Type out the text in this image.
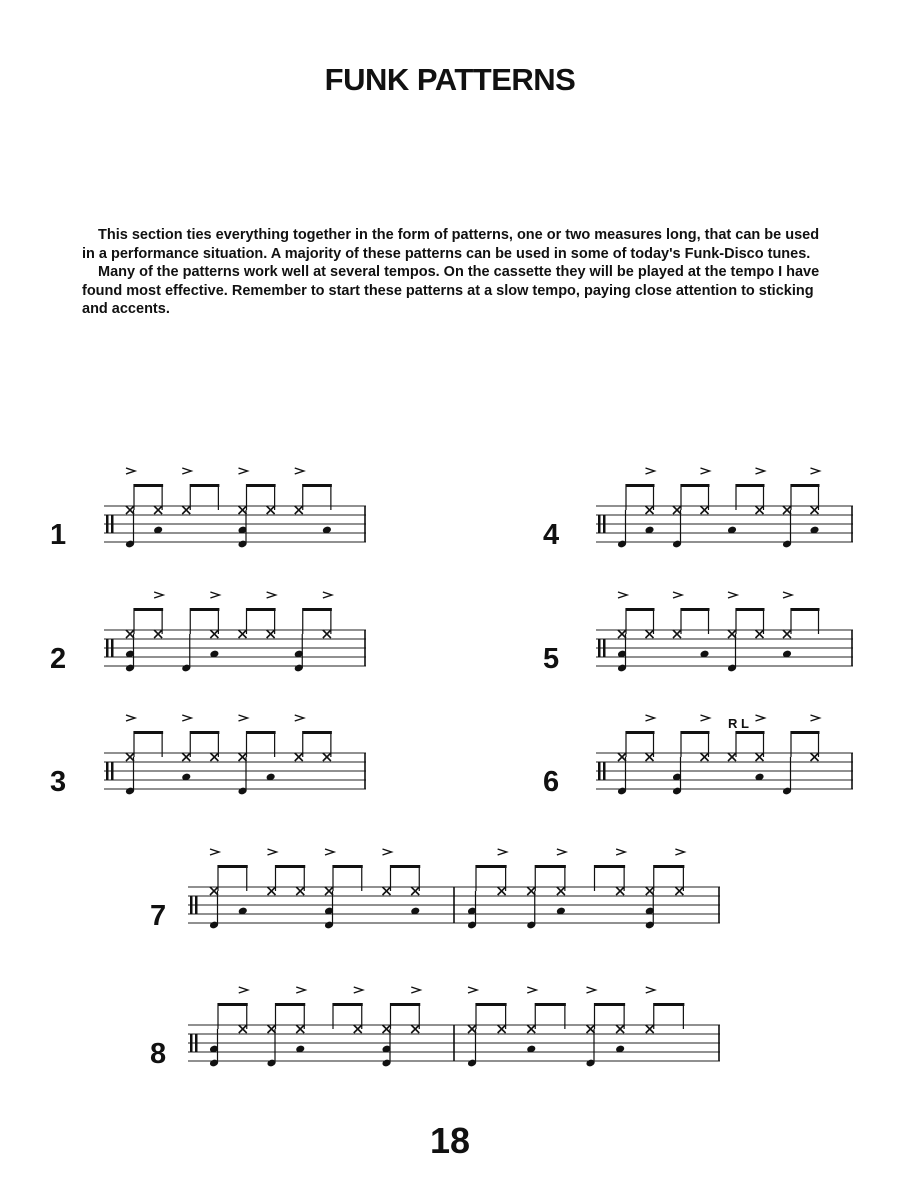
FUNK PATTERNS

This section ties everything together in the form of patterns, one or two measures long, that can be used in a performance situation. A majority of these patterns can be used in some of today's Funk-Disco tunes.

Many of the patterns work well at several tempos. On the cassette they will be played at the tempo I have found most effective. Remember to start these patterns at a slow tempo, paying close attention to sticking and accents.

1
2
3
4
5
6
R L
7
8
18
